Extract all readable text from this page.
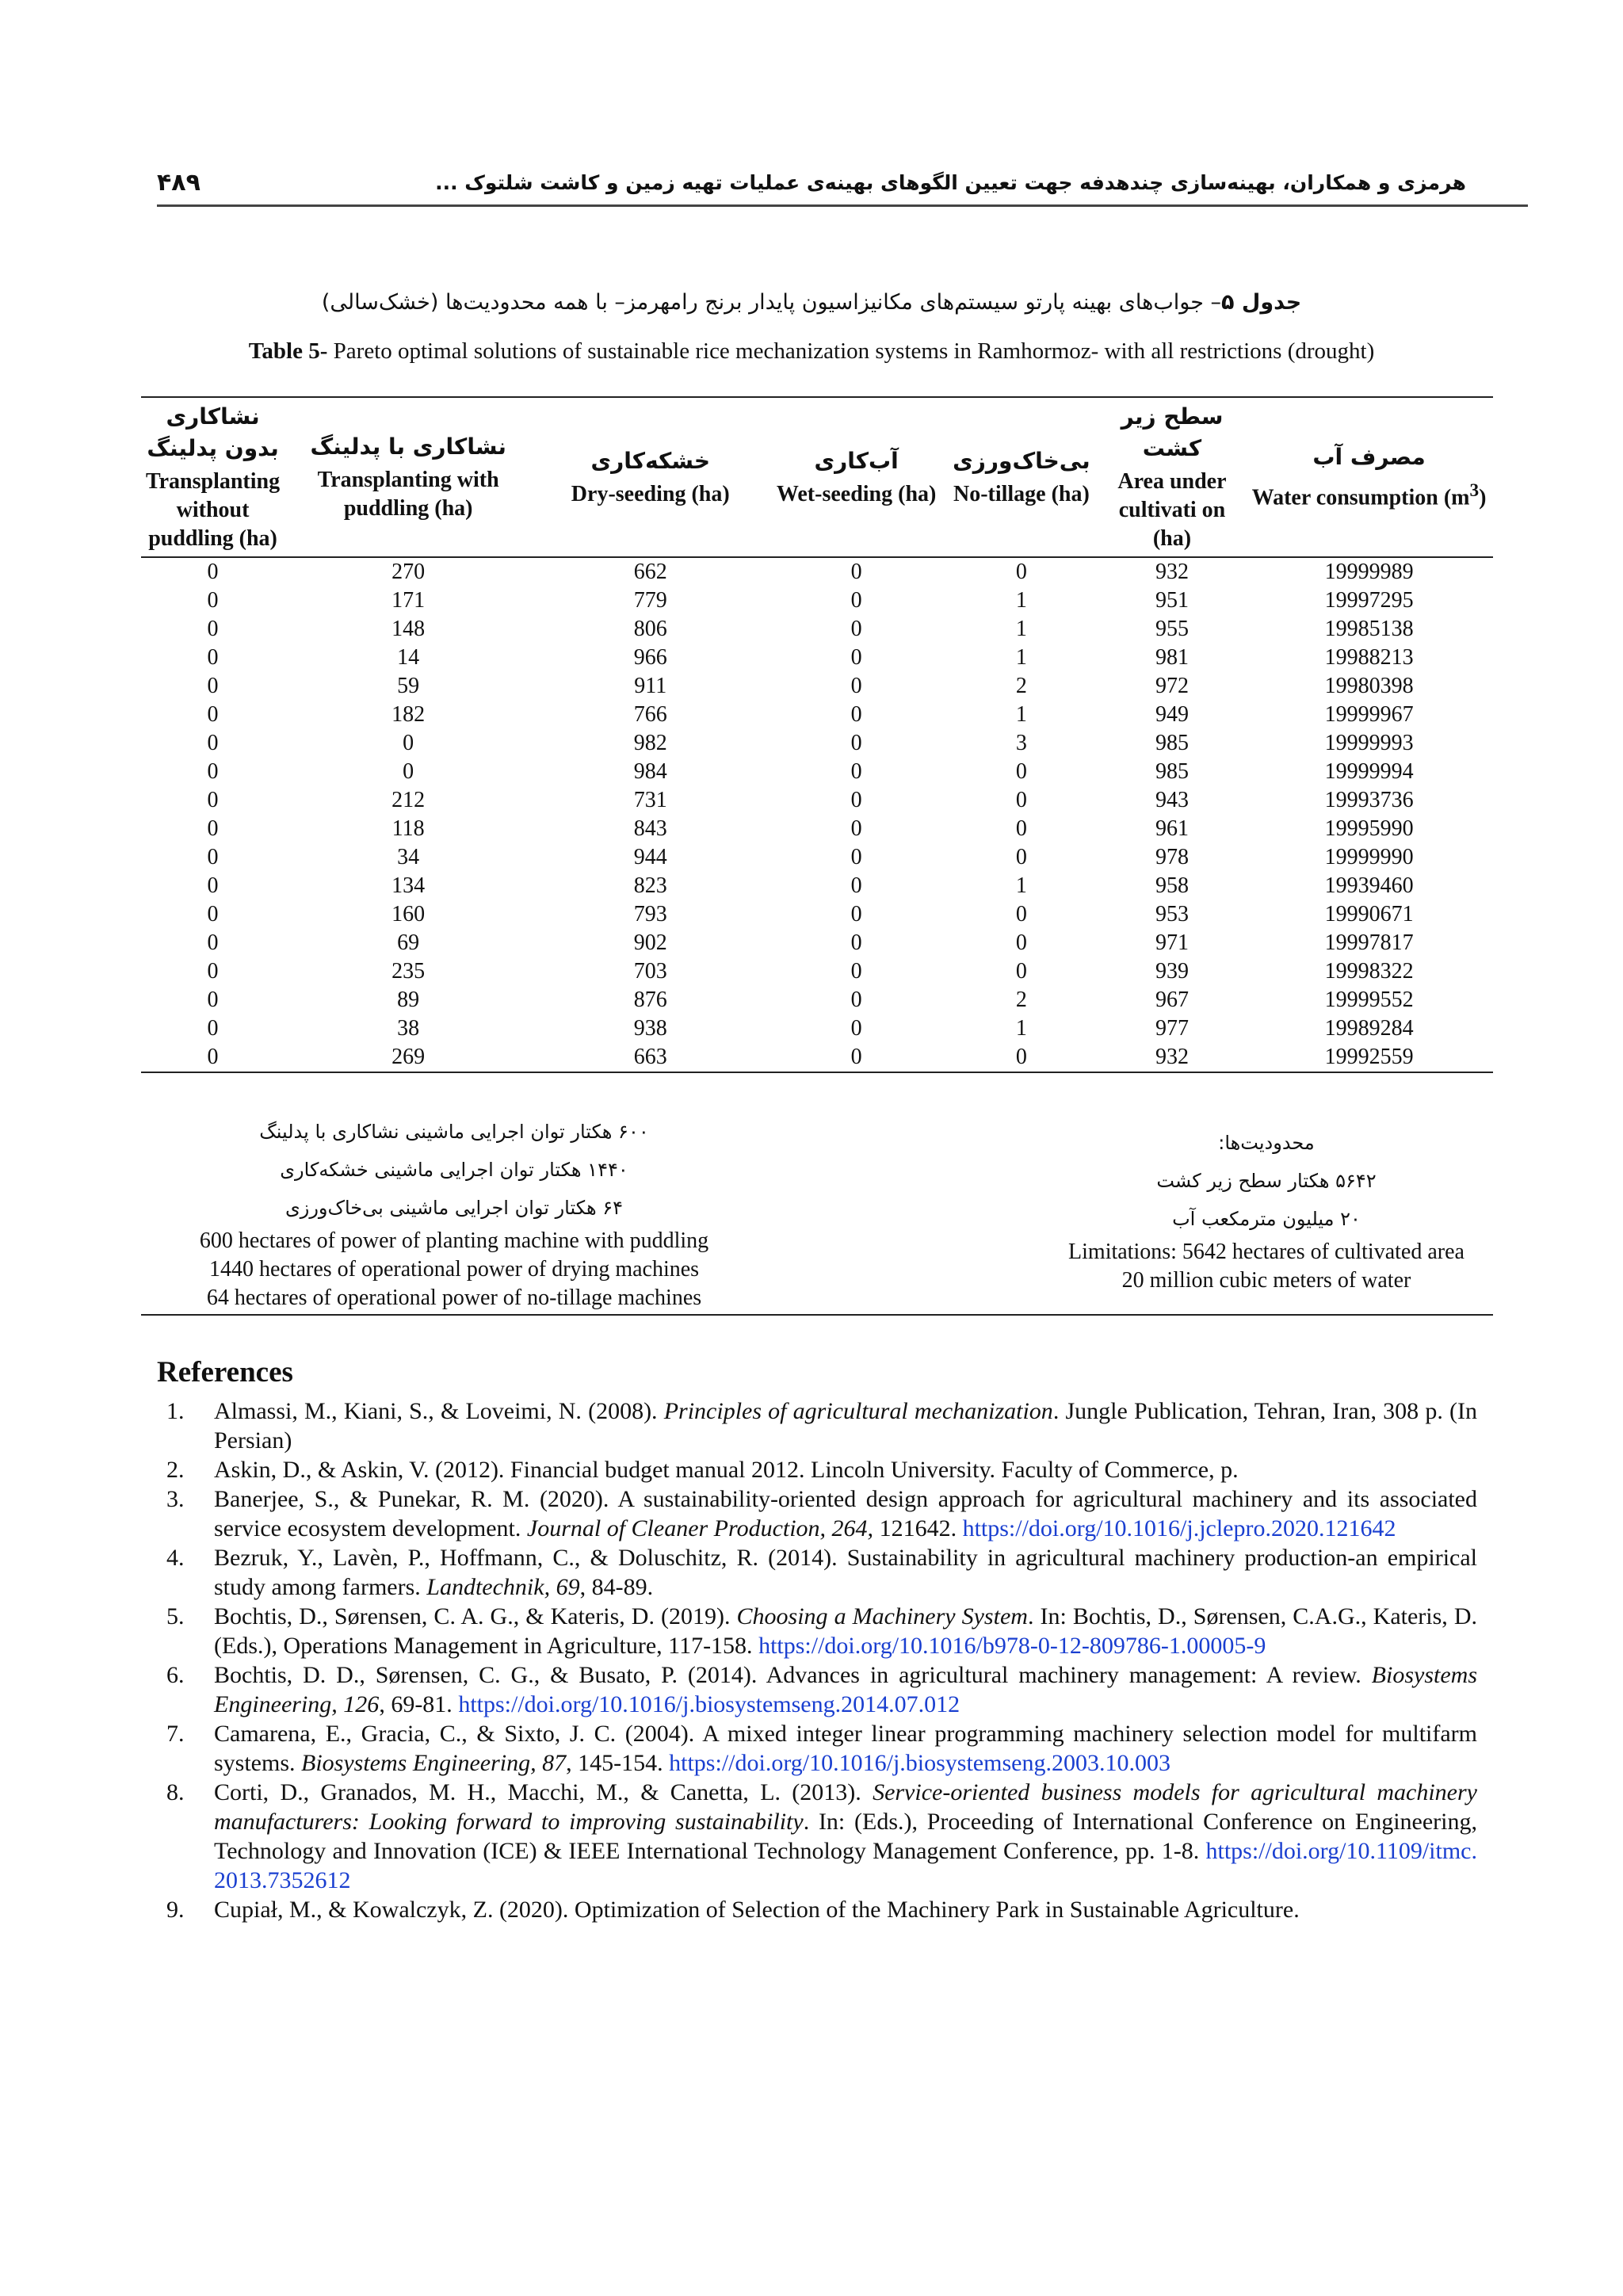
۴۸۹	هرمزی و همکاران، بهینه‌سازی چندهدفه جهت تعیین الگوهای بهینه‌ی عملیات تهیه زمین و کاشت شلتوک ...
جدول ۵– جواب‌های بهینه پارتو سیستم‌های مکانیزاسیون پایدار برنج رامهرمز– با همه محدودیت‌ها (خشک‌سالی)
Table 5- Pareto optimal solutions of sustainable rice mechanization systems in Ramhormoz- with all restrictions (drought)
نشاکاری بدون پدلینگ
Transplanting without puddling (ha)	نشاکاری با پدلینگ
Transplanting with puddling (ha)	خشکه‌کاری
Dry-seeding (ha)	آب‌کاری
Wet-seeding (ha)	بی‌خاک‌ورزی
No-tillage (ha)	سطح زیر کشت
Area under cultivati on (ha)	مصرف آب
Water consumption $(m^3)$
0	270	662	0	0	932	19999989
0	171	779	0	1	951	19997295
0	148	806	0	1	955	19985138
0	14	966	0	1	981	19988213
0	59	911	0	2	972	19980398
0	182	766	0	1	949	19999967
0	0	982	0	3	985	19999993
0	0	984	0	0	985	19999994
0	212	731	0	0	943	19993736
0	118	843	0	0	961	19995990
0	34	944	0	0	978	19999990
0	134	823	0	1	958	19939460
0	160	793	0	0	953	19990671
0	69	902	0	0	971	19997817
0	235	703	0	0	939	19998322
0	89	876	0	2	967	19999552
0	38	938	0	1	977	19989284
0	269	663	0	0	932	19992559
۶۰۰ هکتار توان اجرایی ماشینی نشاکاری با پدلینگ
۱۴۴۰ هکتار توان اجرایی ماشینی خشکه‌کاری
۶۴ هکتار توان اجرایی ماشینی بی‌خاک‌ورزی
600 hectares of power of planting machine with puddling
1440 hectares of operational power of drying machines
64 hectares of operational power of no-tillage machines
محدودیت‌ها:
۵۶۴۲ هکتار سطح زیر کشت
۲۰ میلیون مترمکعب آب
Limitations: 5642 hectares of cultivated area
20 million cubic meters of water
References
1. Almassi, M., Kiani, S., & Loveimi, N. (2008). Principles of agricultural mechanization. Jungle Publication, Tehran, Iran, 308 p. (In Persian)
2. Askin, D., & Askin, V. (2012). Financial budget manual 2012. Lincoln University. Faculty of Commerce, p.
3. Banerjee, S., & Punekar, R. M. (2020). A sustainability-oriented design approach for agricultural machinery and its associated service ecosystem development. Journal of Cleaner Production, 264, 121642. https://doi.org/10.1016/j.jclepro.2020.121642
4. Bezruk, Y., Lavèn, P., Hoffmann, C., & Doluschitz, R. (2014). Sustainability in agricultural machinery production-an empirical study among farmers. Landtechnik, 69, 84-89.
5. Bochtis, D., Sørensen, C. A. G., & Kateris, D. (2019). Choosing a Machinery System. In: Bochtis, D., Sørensen, C.A.G., Kateris, D. (Eds.), Operations Management in Agriculture, 117-158. https://doi.org/10.1016/b978-0-12-809786-1.00005-9
6. Bochtis, D. D., Sørensen, C. G., & Busato, P. (2014). Advances in agricultural machinery management: A review. Biosystems Engineering, 126, 69-81. https://doi.org/10.1016/j.biosystemseng.2014.07.012
7. Camarena, E., Gracia, C., & Sixto, J. C. (2004). A mixed integer linear programming machinery selection model for multifarm systems. Biosystems Engineering, 87, 145-154. https://doi.org/10.1016/j.biosystemseng.2003.10.003
8. Corti, D., Granados, M. H., Macchi, M., & Canetta, L. (2013). Service-oriented business models for agricultural machinery manufacturers: Looking forward to improving sustainability. In: (Eds.), Proceeding of International Conference on Engineering, Technology and Innovation (ICE) & IEEE International Technology Management Conference, pp. 1-8. https://doi.org/10.1109/itmc.2013.7352612
9. Cupiał, M., & Kowalczyk, Z. (2020). Optimization of Selection of the Machinery Park in Sustainable Agriculture.
